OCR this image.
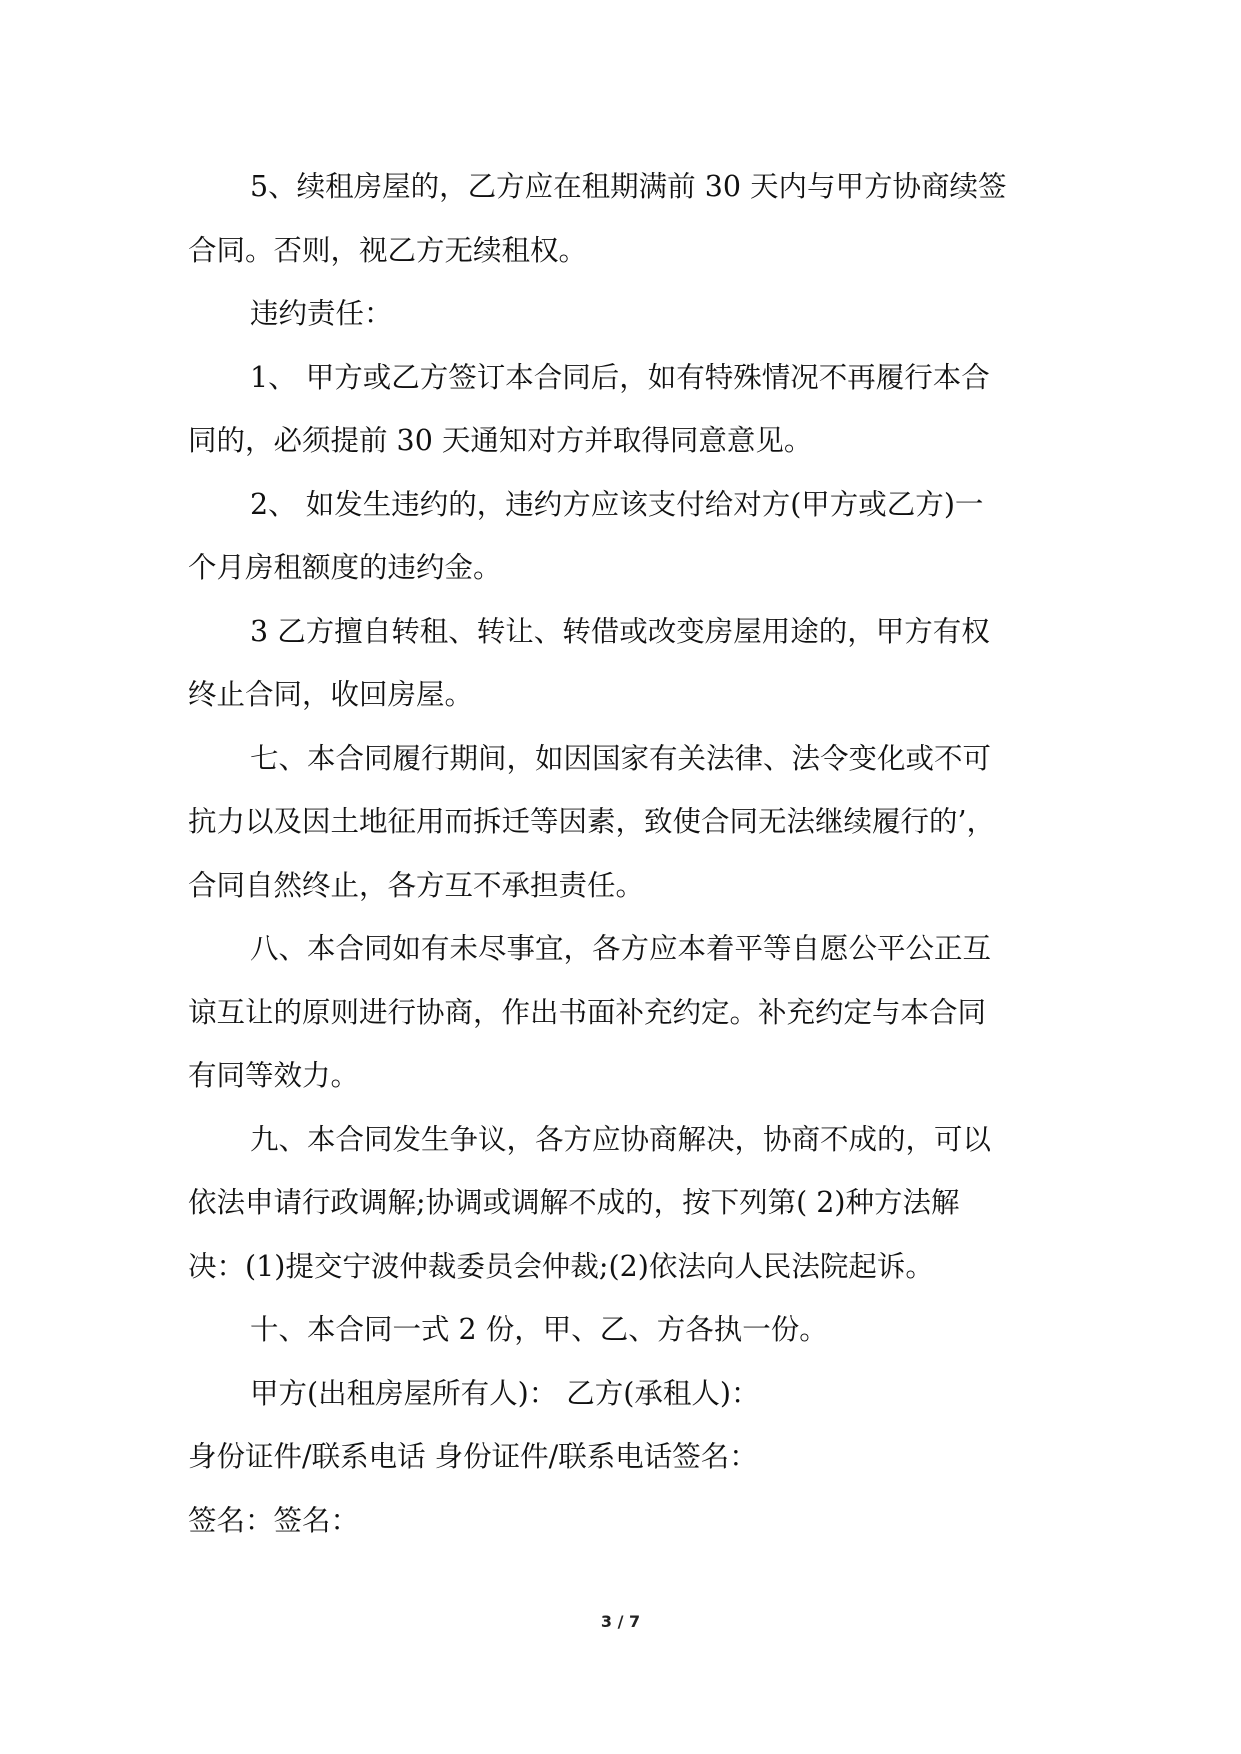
5、续租房屋的，乙方应在租期满前 30 天内与甲方协商续签

合同。否则，视乙方无续租权。

违约责任：

1、 甲方或乙方签订本合同后，如有特殊情况不再履行本合

同的，必须提前 30 天通知对方并取得同意意见。

2、 如发生违约的，违约方应该支付给对方(甲方或乙方)一

个月房租额度的违约金。

3 乙方擅自转租、转让、转借或改变房屋用途的，甲方有权

终止合同，收回房屋。

七、本合同履行期间，如因国家有关法律、法令变化或不可

抗力以及因土地征用而拆迁等因素，致使合同无法继续履行的’，

合同自然终止，各方互不承担责任。

八、本合同如有未尽事宜，各方应本着平等自愿公平公正互

谅互让的原则进行协商，作出书面补充约定。补充约定与本合同

有同等效力。

九、本合同发生争议，各方应协商解决，协商不成的，可以

依法申请行政调解;协调或调解不成的，按下列第( 2)种方法解

决：(1)提交宁波仲裁委员会仲裁;(2)依法向人民法院起诉。

十、本合同一式 2 份，甲、乙、方各执一份。

甲方(出租房屋所有人)： 乙方(承租人)：

身份证件/联系电话 身份证件/联系电话签名：

签名：签名：

3 / 7
